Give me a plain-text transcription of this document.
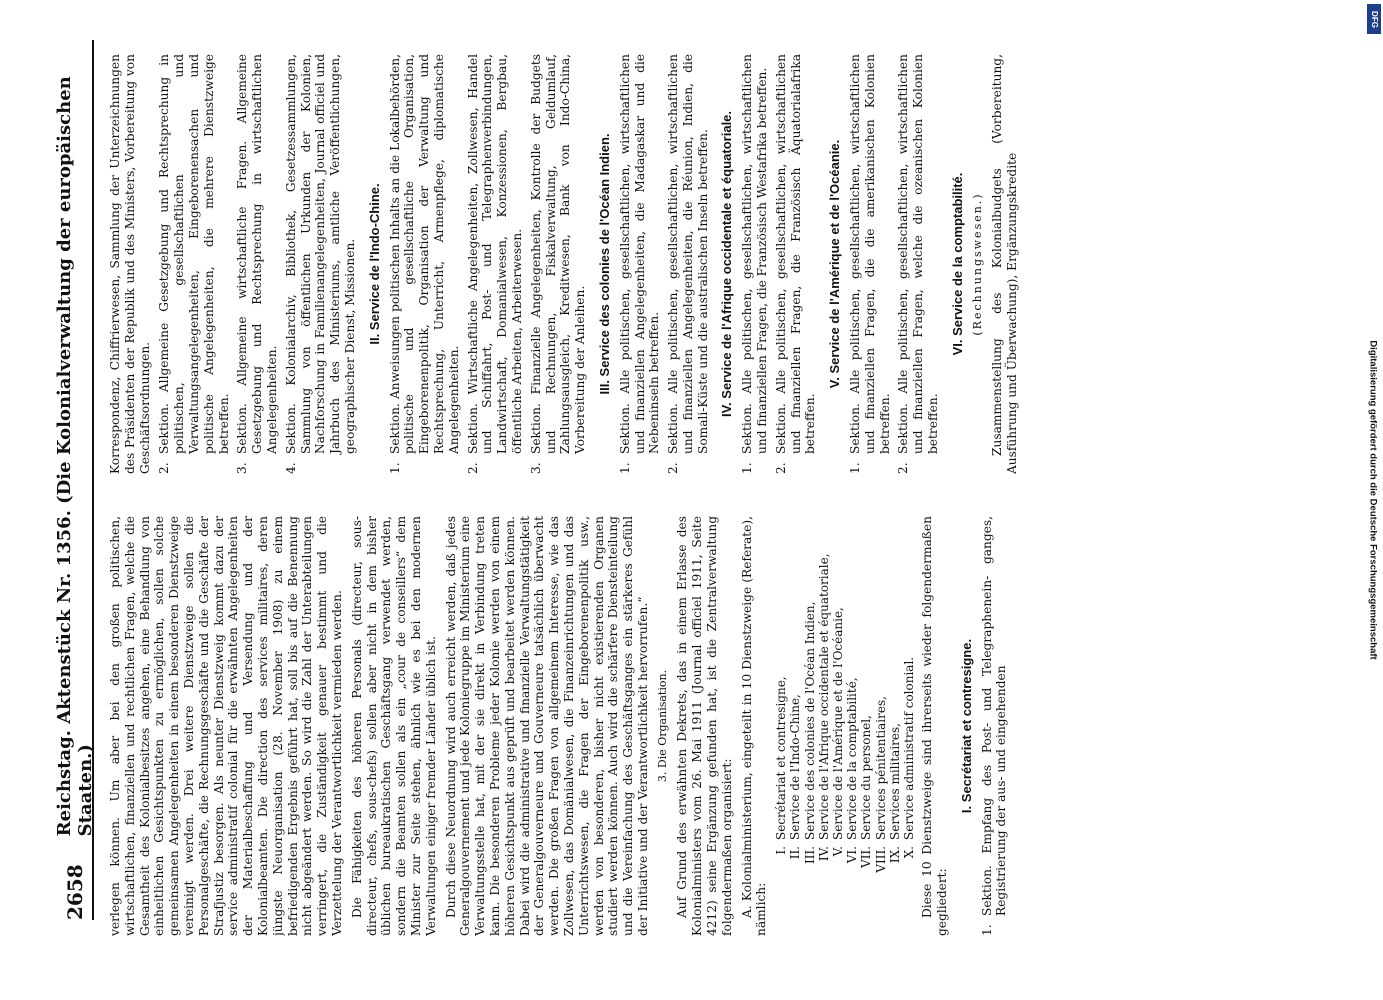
2658
Reichstag. Aktenstück Nr. 1356. (Die Kolonialverwaltung der europäischen Staaten.) verlegen können. Um aber bei den großen politischen, wirtschaftlichen, finanziellen und rechtlichen Fragen, welche die Gesamtheit des Kolonialbesitzes angehen, eine Behandlung von einheitlichen Gesichtspunkten zu ermöglichen, sollen solche gemeinsamen Angelegenheiten in einem besonderen Dienstzweige vereinigt werden. Drei weitere Dienstzweige sollen die Personalgeschäfte, die Rechnungsgeschäfte und die Geschäfte der Strafjustiz besorgen. Als neunter Dienstzweig kommt dazu der service administratif colonial für die erwähnten Angelegenheiten der Materialbeschaffung und Versendung und der Kolonialbeamten. Die direction des services militaires, deren jüngste Neuorganisation (28. November 1908) zu einem befriedigenden Ergebnis geführt hat, soll bis auf die Benennung nicht abgeändert werden. So wird die Zahl der Unterabteilungen verringert, die Zuständigkeit genauer bestimmt und die Verzettelung der Verantwortlichkeit vermieden werden. Die Fähigkeiten des höheren Personals (directeur, sous-directeur, chefs, sous-chefs) sollen aber nicht in dem bisher üblichen bureaukratischen Geschäftsgang verwendet werden, sondern die Beamten sollen als ein „cour de conseillers“ dem Minister zur Seite stehen, ähnlich wie es bei den modernen Verwaltungen einiger fremder Länder üblich ist. Durch diese Neuordnung wird auch erreicht werden, daß jedes Generalgouvernement und jede Koloniegruppe im Ministerium eine Verwaltungsstelle hat, mit der sie direkt in Verbindung treten kann. Die besonderen Probleme jeder Kolonie werden von einem höheren Gesichtspunkt aus geprüft und bearbeitet werden können. Dabei wird die administrative und finanzielle Verwaltungstätigkeit der Generalgouverneure und Gouverneure tatsächlich überwacht werden. Die großen Fragen von allgemeinem Interesse, wie das Zollwesen, das Domänialwesen, die Finanzeinrichtungen und das Unterrichtswesen, die Fragen der Eingeborenenpolitik usw., werden von besonderen, bisher nicht existierenden Organen studiert werden können. Auch wird die schärfere Diensteinteilung und die Vereinfachung des Geschäftsganges ein stärkeres Gefühl der Initiative und der Verantwortlichkeit hervorrufen.“ 3. Die Organisation. Auf Grund des erwähnten Dekrets, das in einem Erlasse des Kolonialministers vom 26. Mai 1911 (Journal officiel 1911, Seite 4212) seine Ergänzung gefunden hat, ist die Zentralverwaltung folgendermaßen organisiert: A. Kolonialministerium, eingeteilt in 10 Dienstzweige (Referate), nämlich:

I.
Secrétariat et contresigne,
II.
Service de l'Indo-Chine,
III.
Service des colonies de l'Océan Indien,
IV.
Service de l'Afrique occidentale et équatoriale,
V.
Service de l'Amérique et de l'Océanie,
VI.
Service de la comptabilité,
VII.
Service du personel,
VIII.
Services pénitentiaires,
IX.
Services militaires,
X.
Service administratif colonial. Diese 10 Dienstzweige sind ihrerseits wieder folgendermaßen gegliedert:

I. Secrétariat et contresigne.
1.
Sektion. Empfang des Post- und Telegraphenein- ganges, Registrierung der aus- und eingehenden

Korrespondenz, Chiffrierwesen, Sammlung der Unterzeichnungen des Präsidenten der Republik und des Ministers, Vorbereitung von Geschäftsordnungen. 2.
Sektion. Allgemeine Gesetzgebung und Rechtsprechung in politischen, gesellschaftlichen und Verwaltungsangelegenheiten, Eingeborenensachen und politische Angelegenheiten, die mehrere Dienstzweige betreffen.
3.
Sektion. Allgemeine wirtschaftliche Fragen. Allgemeine Gesetzgebung und Rechtsprechung in wirtschaftlichen Angelegenheiten.
4.
Sektion. Kolonialarchiv, Bibliothek, Gesetzessammlungen, Sammlung von öffentlichen Urkunden der Kolonien, Nachforschung in Familienangelegenheiten, Journal officiel und Jahrbuch des Ministeriums, amtliche Veröffentlichungen, geographischer Dienst, Missionen. II. Service de l'Indo-Chine.
1.
Sektion. Anweisungen politischen Inhalts an die Lokalbehörden, politische und gesellschaftliche Organisation, Eingeborenenpolitik, Organisation der Verwaltung und Rechtsprechung, Unterricht, Armenpflege, diplomatische Angelegenheiten.
2.
Sektion. Wirtschaftliche Angelegenheiten, Zollwesen, Handel und Schiffahrt, Post- und Telegraphenverbindungen, Landwirtschaft, Domanialwesen, Konzessionen, Bergbau, öffentliche Arbeiten, Arbeiterwesen.
3.
Sektion. Finanzielle Angelegenheiten, Kontrolle der Budgets und Rechnungen, Fiskalverwaltung, Geldumlauf, Zahlungsausgleich, Kreditwesen, Bank von Indo-China, Vorbereitung der Anleihen. III. Service des colonies de l'Océan Indien.
1.
Sektion. Alle politischen, gesellschaftlichen, wirtschaftlichen und finanziellen Angelegenheiten, die Madagaskar und die Nebeninseln betreffen.
2.
Sektion. Alle politischen, gesellschaftlichen, wirtschaftlichen und finanziellen Angelegenheiten, die Réunion, Indien, die Somali-Küste und die australischen Inseln betreffen. IV. Service de l'Afrique occidentale et équatoriale.
1.
Sektion. Alle politischen, gesellschaftlichen, wirtschaftlichen und finanziellen Fragen, die Französisch Westafrika betreffen.
2.
Sektion. Alle politischen, gesellschaftlichen, wirtschaftlichen und finanziellen Fragen, die Französisch Äquatorialafrika betreffen.
V. Service de l'Amérique et de l'Océanie.
1.
Sektion. Alle politischen, gesellschaftlichen, wirtschaftlichen und finanziellen Fragen, die die amerikanischen Kolonien betreffen.
2.
Sektion. Alle politischen, gesellschaftlichen, wirtschaftlichen und finanziellen Fragen, welche die ozeanischen Kolonien betreffen.
VI. Service de la comptabilité. (Rechnungswesen.) Zusammenstellung des Kolonialbudgets (Vorbereitung, Ausführung und Überwachung), Ergänzungskredite

DFG
Digitalisierung gefördert durch die Deutsche Forschungsgemeinschaft
